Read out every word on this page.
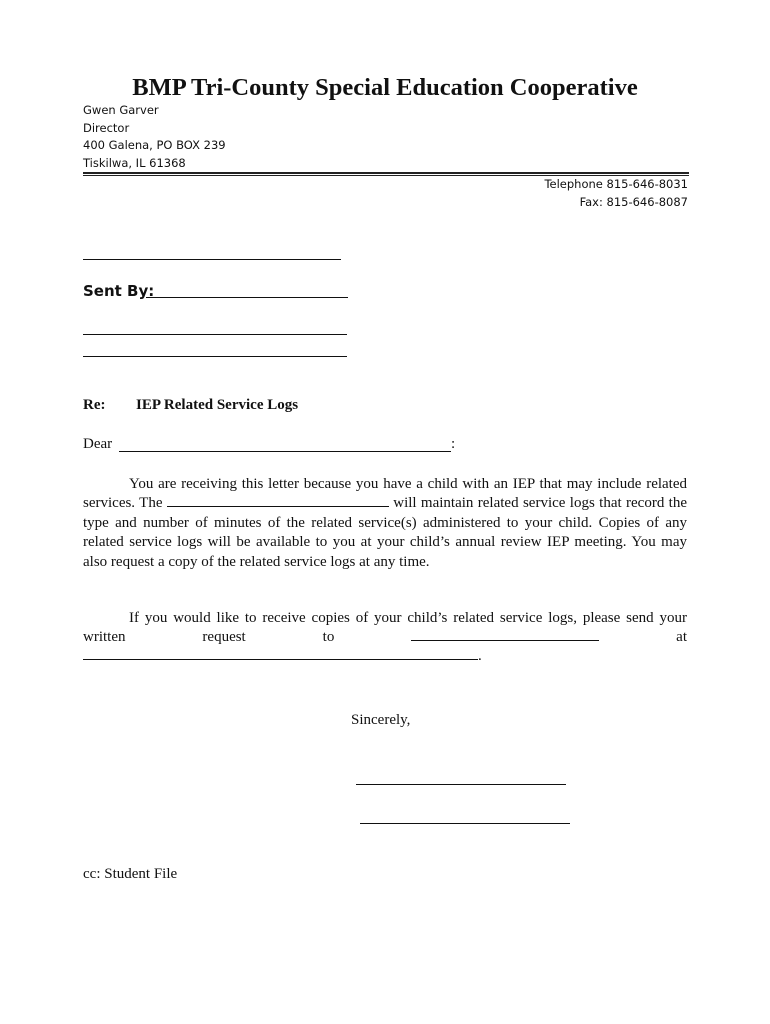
BMP Tri-County Special Education Cooperative
Gwen Garver
Director
400 Galena, PO BOX 239
Tiskilwa, IL 61368
Telephone 815-646-8031
Fax: 815-646-8087
Sent By:
Re: IEP Related Service Logs
Dear	:
You are receiving this letter because you have a child with an IEP that may include related services. The	will maintain related service logs that record the type and number of minutes of the related service(s) administered to your child. Copies of any related service logs will be available to you at your child’s annual review IEP meeting. You may also request a copy of the related service logs at any time.
If you would like to receive copies of your child’s related service logs, please send your written request to	at
.
Sincerely,
cc: Student File
